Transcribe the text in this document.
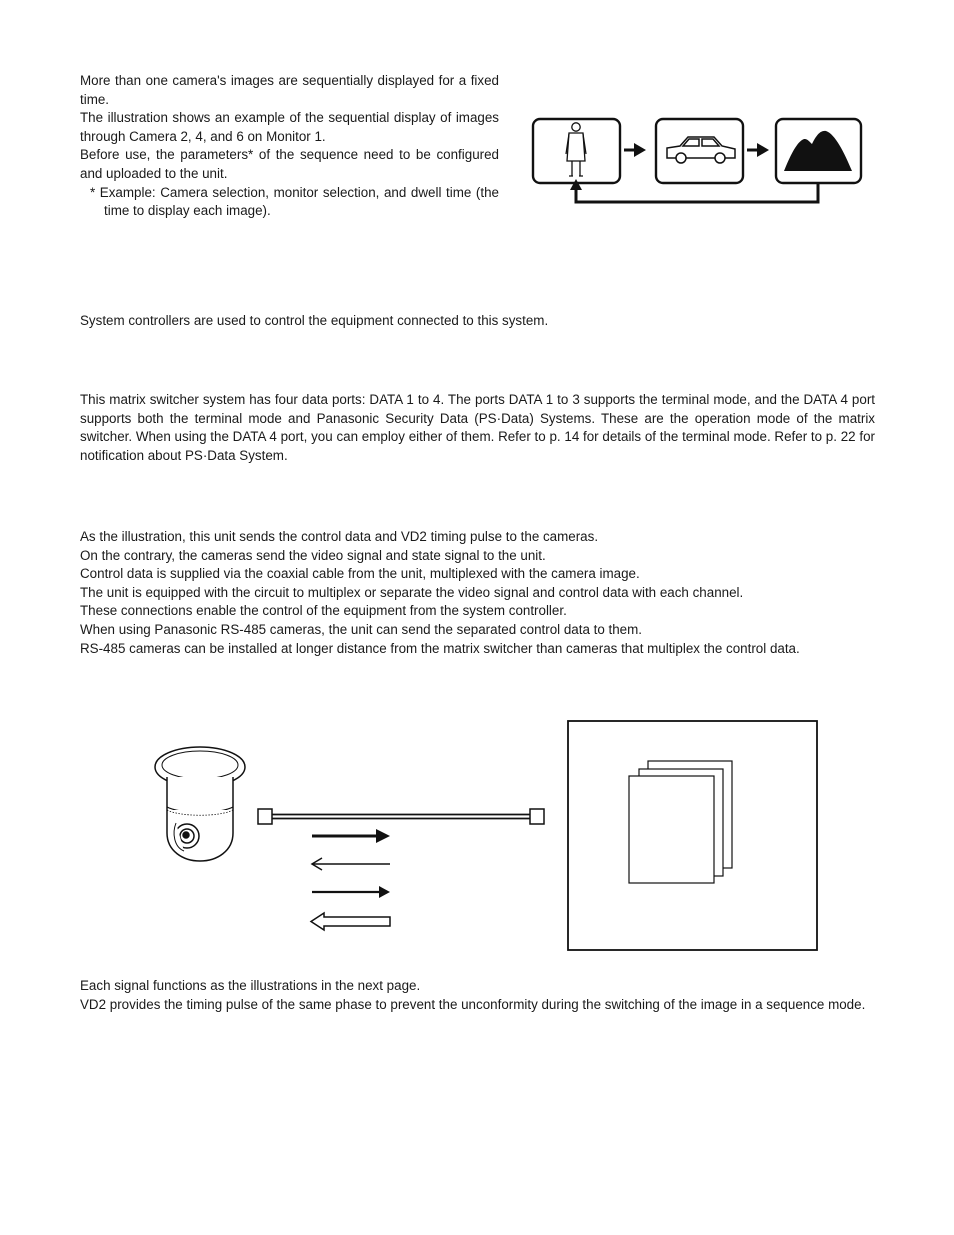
More than one camera's images are sequentially displayed for a fixed time.

The illustration shows an example of the sequential display of images through Camera 2, 4, and 6 on Monitor 1.

Before use, the parameters* of the sequence need to be configured and uploaded to the unit.

* Example: Camera selection, monitor selection, and dwell time (the time to display each image).

System controllers are used to control the equipment connected to this system.

This matrix switcher system has four data ports: DATA 1 to 4. The ports DATA 1 to 3 supports the terminal mode, and the DATA 4 port supports both the terminal mode and Panasonic Security Data (PS·Data) Systems. These are the operation mode of the matrix switcher. When using the DATA 4 port, you can employ either of them. Refer to p. 14 for details of the terminal mode. Refer to p. 22 for notification about PS·Data System.

As the illustration, this unit sends the control data and VD2 timing pulse to the cameras.

On the contrary, the cameras send the video signal and state signal to the unit.

Control data is supplied via the coaxial cable from the unit, multiplexed with the camera image.

The unit is equipped with the circuit to multiplex or separate the video signal and control data with each channel.

These connections enable the control of the equipment from the system controller.

When using Panasonic RS-485 cameras, the unit can send the separated control data to them.

RS-485 cameras can be installed at longer distance from the matrix switcher than cameras that multiplex the control data.

Each signal functions as the illustrations in the next page.

VD2 provides the timing pulse of the same phase to prevent the unconformity during the switching of the image in a sequence mode.
